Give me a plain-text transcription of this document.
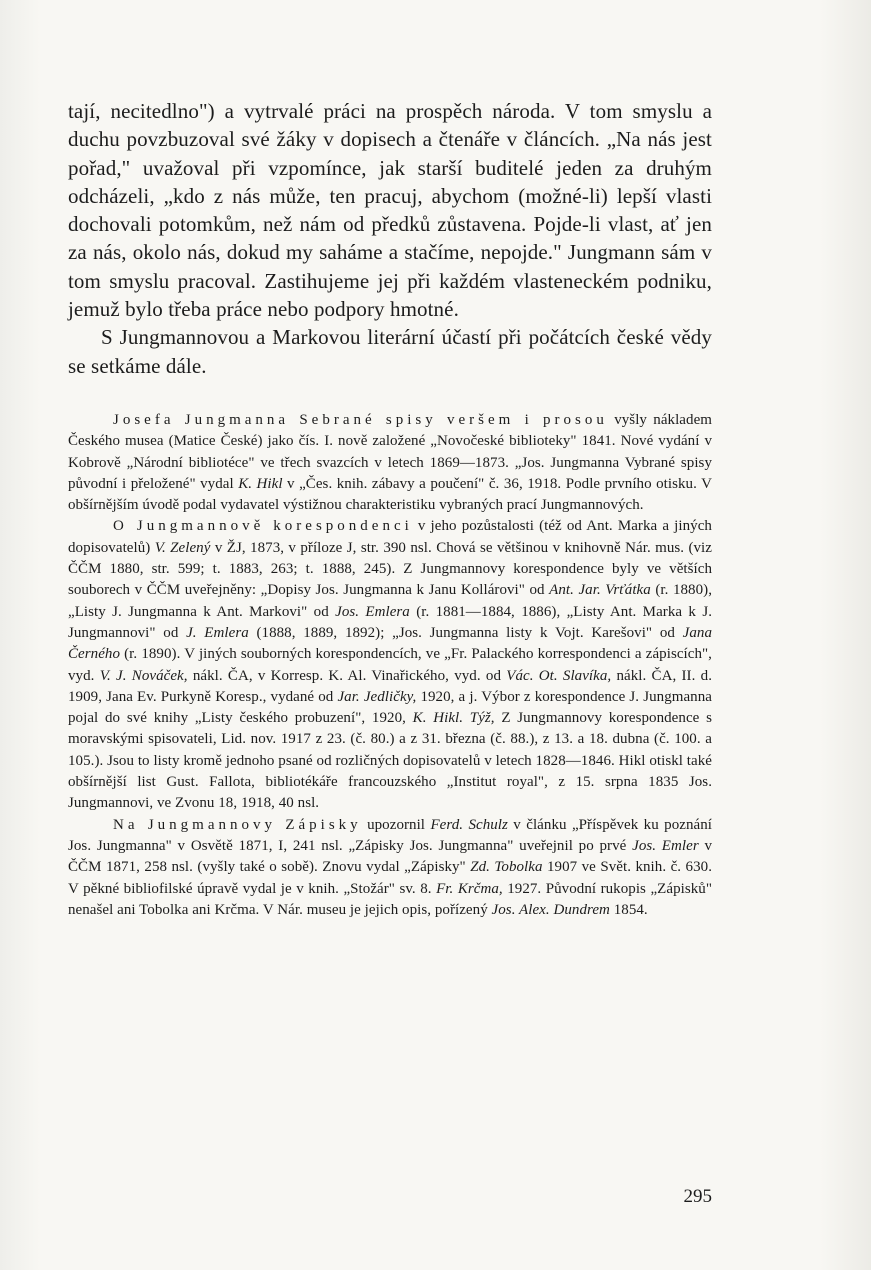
tají, necitedlno") a vytrvalé práci na prospěch národa. V tom smyslu a duchu povzbuzoval své žáky v dopisech a čtenáře v článcích. „Na nás jest pořad," uvažoval při vzpomínce, jak starší buditelé jeden za druhým odcházeli, „kdo z nás může, ten pracuj, abychom (možné-li) lepší vlasti dochovali potomkům, než nám od předků zůstavena. Pojde-li vlast, ať jen za nás, okolo nás, dokud my saháme a stačíme, nepojde." Jungmann sám v tom smyslu pracoval. Zastihujeme jej při každém vlasteneckém podniku, jemuž bylo třeba práce nebo podpory hmotné.

S Jungmannovou a Markovou literární účastí při počátcích české vědy se setkáme dále.

Josefa Jungmanna Sebrané spisy veršem i prosou vyšly nákladem Českého musea (Matice České) jako čís. I. nově založené „Novočeské biblioteky" 1841. Nové vydání v Kobrově „Národní bibliotéce" ve třech svazcích v letech 1869—1873. „Jos. Jungmanna Vybrané spisy původní i přeložené" vydal K. Hikl v „Čes. knih. zábavy a poučení" č. 36, 1918. Podle prvního otisku. V obšírnějším úvodě podal vydavatel výstižnou charakteristiku vybraných prací Jungmannových.

O Jungmannově korespondenci v jeho pozůstalosti (též od Ant. Marka a jiných dopisovatelů) V. Zelený v ŽJ, 1873, v příloze J, str. 390 nsl. Chová se většinou v knihovně Nár. mus. (viz ČČM 1880, str. 599; t. 1883, 263; t. 1888, 245). Z Jungmannovy korespondence byly ve větších souborech v ČČM uveřejněny: „Dopisy Jos. Jungmanna k Janu Kollárovi" od Ant. Jar. Vrťátka (r. 1880), „Listy J. Jungmanna k Ant. Markovi" od Jos. Emlera (r. 1881—1884, 1886), „Listy Ant. Marka k J. Jungmannovi" od J. Emlera (1888, 1889, 1892); „Jos. Jungmanna listy k Vojt. Karešovi" od Jana Černého (r. 1890). V jiných souborných korespondencích, ve „Fr. Palackého korrespondenci a zápiscích", vyd. V. J. Nováček, nákl. ČA, v Korresp. K. Al. Vinařického, vyd. od Vác. Ot. Slavíka, nákl. ČA, II. d. 1909, Jana Ev. Purkyně Koresp., vydané od Jar. Jedličky, 1920, a j. Výbor z korespondence J. Jungmanna pojal do své knihy „Listy českého probuzení", 1920, K. Hikl. Týž, Z Jungmannovy korespondence s moravskými spisovateli, Lid. nov. 1917 z 23. (č. 80.) a z 31. března (č. 88.), z 13. a 18. dubna (č. 100. a 105.). Jsou to listy kromě jednoho psané od rozličných dopisovatelů v letech 1828—1846. Hikl otiskl také obšírnější list Gust. Fallota, bibliotékáře francouzského „Institut royal", z 15. srpna 1835 Jos. Jungmannovi, ve Zvonu 18, 1918, 40 nsl.

Na Jungmannovy Zápisky upozornil Ferd. Schulz v článku „Příspěvek ku poznání Jos. Jungmanna" v Osvětě 1871, I, 241 nsl. „Zápisky Jos. Jungmanna" uveřejnil po prvé Jos. Emler v ČČM 1871, 258 nsl. (vyšly také o sobě). Znovu vydal „Zápisky" Zd. Tobolka 1907 ve Svět. knih. č. 630. V pěkné bibliofilské úpravě vydal je v knih. „Stožár" sv. 8. Fr. Krčma, 1927. Původní rukopis „Zápisků" nenašel ani Tobolka ani Krčma. V Nár. museu je jejich opis, pořízený Jos. Alex. Dundrem 1854.

295
